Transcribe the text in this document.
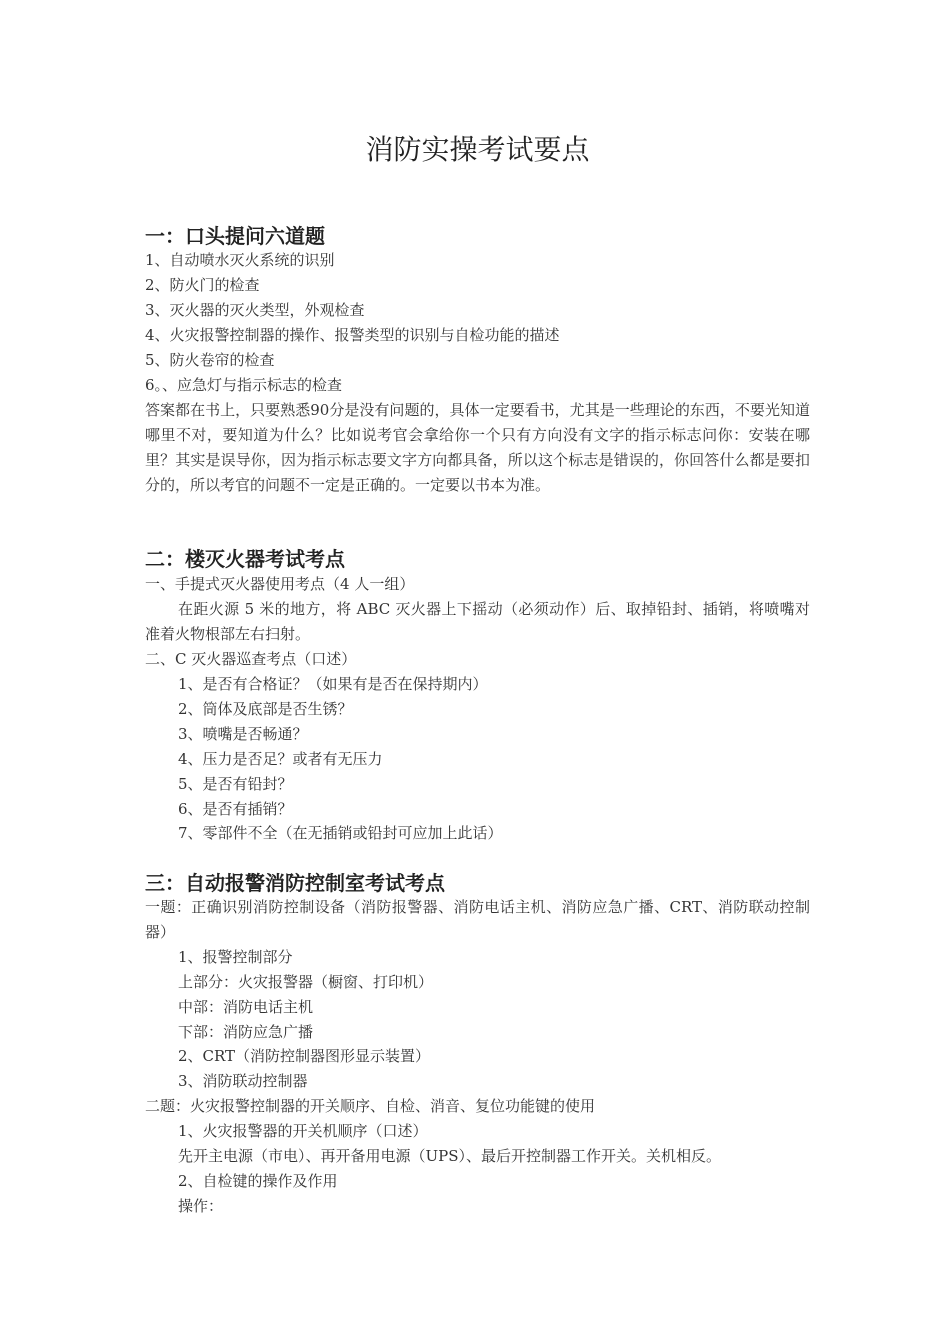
消防实操考试要点
一：口头提问六道题
1、自动喷水灭火系统的识别
2、防火门的检查
3、灭火器的灭火类型，外观检查
4、火灾报警控制器的操作、报警类型的识别与自检功能的描述
5、防火卷帘的检查
6。、应急灯与指示标志的检查
答案都在书上，只要熟悉90分是没有问题的，具体一定要看书，尤其是一些理论的东西，不要光知道哪里不对，要知道为什么？比如说考官会拿给你一个只有方向没有文字的指示标志问你：安装在哪里？其实是误导你，因为指示标志要文字方向都具备，所以这个标志是错误的，你回答什么都是要扣分的，所以考官的问题不一定是正确的。一定要以书本为准。
二：楼灭火器考试考点
一、手提式灭火器使用考点（4 人一组）
在距火源 5 米的地方，将 ABC 灭火器上下摇动（必须动作）后、取掉铅封、插销，将喷嘴对准着火物根部左右扫射。
二、C 灭火器巡查考点（口述）
1、是否有合格证？（如果有是否在保持期内）
2、筒体及底部是否生锈？
3、喷嘴是否畅通？
4、压力是否足？或者有无压力
5、是否有铅封？
6、是否有插销？
7、零部件不全（在无插销或铅封可应加上此话）
三：自动报警消防控制室考试考点
一题：正确识别消防控制设备（消防报警器、消防电话主机、消防应急广播、CRT、消防联动控制器）
1、报警控制部分
上部分：火灾报警器（橱窗、打印机）
中部：消防电话主机
下部：消防应急广播
2、CRT（消防控制器图形显示装置）
3、消防联动控制器
二题：火灾报警控制器的开关顺序、自检、消音、复位功能键的使用
1、火灾报警器的开关机顺序（口述）
先开主电源（市电）、再开备用电源（UPS）、最后开控制器工作开关。关机相反。
2、自检键的操作及作用
操作：
